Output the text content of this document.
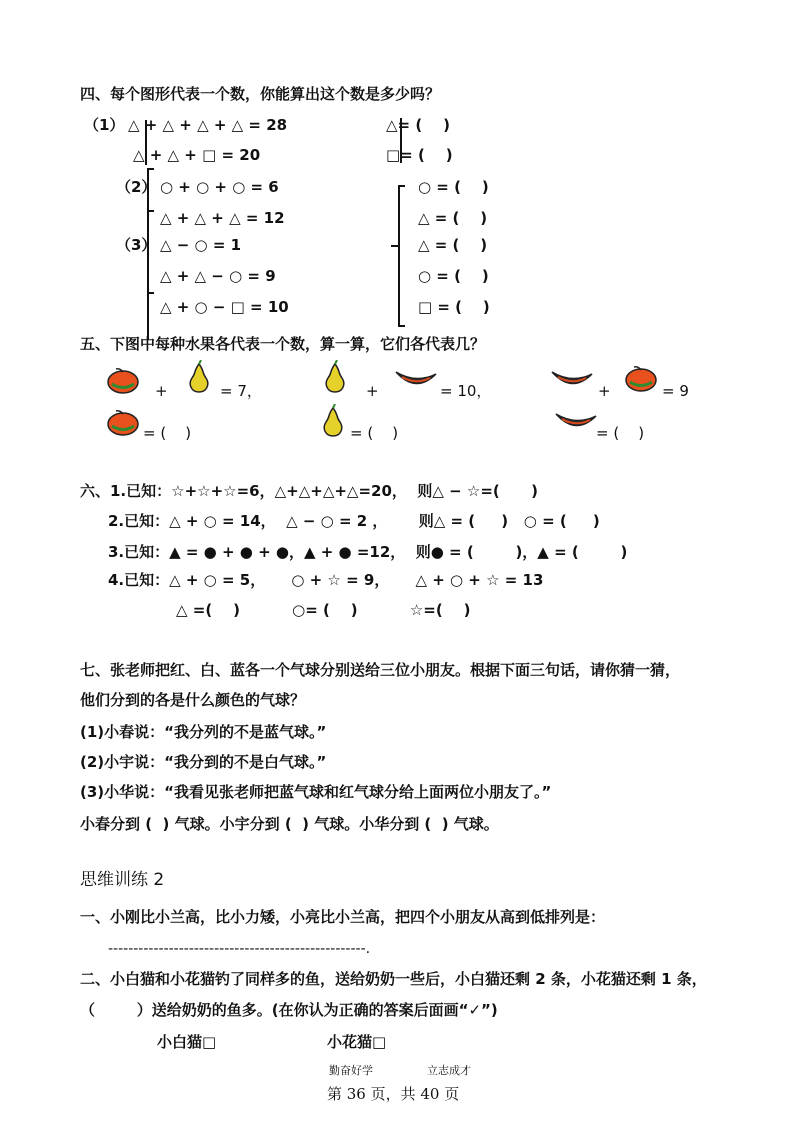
四、每个图形代表一个数，你能算出这个数是多少吗？
（1） △ + △ + △ + △ = 28
△ + △ + □ = 20
△= (    )
□= (    )
（2） ○ + ○ + ○ = 6
△ + △ + △ = 12
（3） △ − ○ = 1
△ + △ − ○ = 9
△ + ○ − □ = 10
○ = (    )
△ = (    )
△ = (    )
○ = (    )
□ = (    )
五、下图中每种水果各代表一个数，算一算，它们各代表几？
+	= 7，	+	= 10，	+	= 9
= (    )	= (    )	= (    )
六、1.已知：☆+☆+☆=6，△+△+△+△=20，  则△ − ☆=(      )
2.已知：△ + ○ = 14，  △ − ○ = 2 ，      则△ = (     )   ○ = (     )
3.已知：▲ = ● + ● + ●，▲ + ● =12，  则● = (        )，▲ = (        )
4.已知：△ + ○ = 5，     ○ + ☆ = 9，     △ + ○ + ☆ = 13
△ =(    )          ○= (    )          ☆=(    )
七、张老师把红、白、蓝各一个气球分别送给三位小朋友。根据下面三句话，请你猜一猜，
他们分到的各是什么颜色的气球？
(1)小春说：“我分列的不是蓝气球。”
(2)小宇说：“我分到的不是白气球。”
(3)小华说：“我看见张老师把蓝气球和红气球分给上面两位小朋友了。”
小春分到 (  ) 气球。小宇分到 (  ) 气球。小华分到 (  ) 气球。
思维训练 2
一、小刚比小兰高，比小力矮，小亮比小兰高，把四个小朋友从高到低排列是：
---------------------------------------------------.
二、小白猫和小花猫钓了同样多的鱼，送给奶奶一些后，小白猫还剩 2 条，小花猫还剩 1 条，
（        ）送给奶奶的鱼多。(在你认为正确的答案后面画“✓”)
小白猫□	小花猫□
勤奋好学	立志成才
第 36 页，共 40 页
